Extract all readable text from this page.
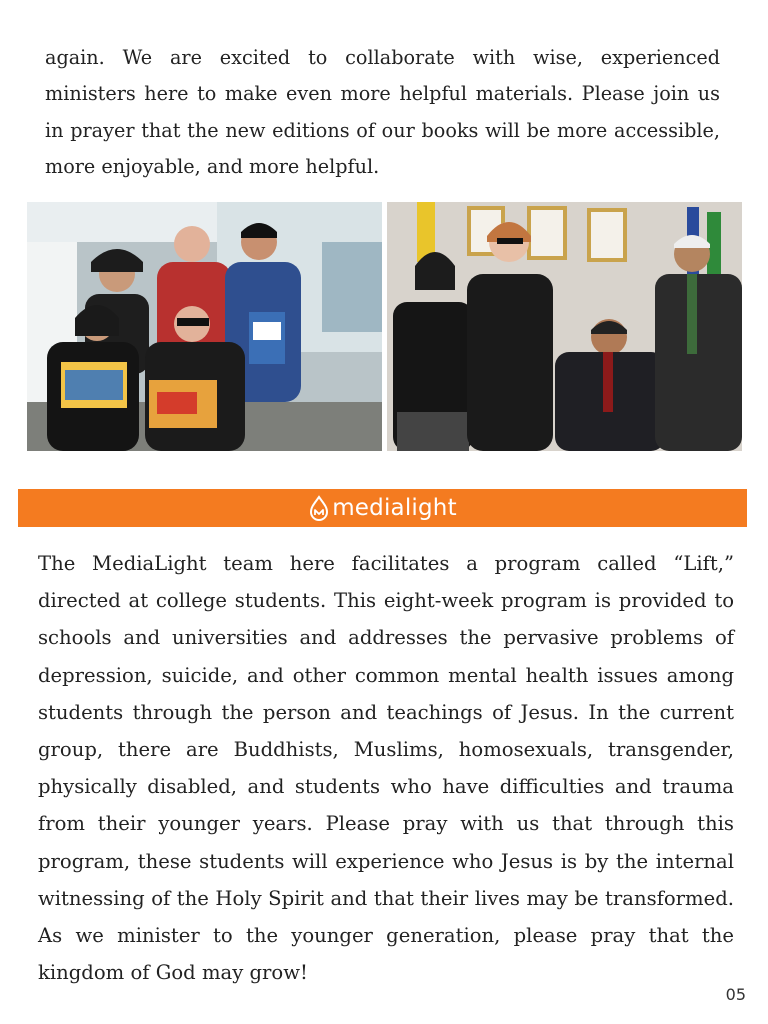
again. We are excited to collaborate with wise, experienced ministers here to make even more helpful materials. Please join us in prayer that the new editions of our books will be more accessible, more enjoyable, and more helpful.

medialight

The MediaLight team here facilitates a program called “Lift,” directed at college students. This eight-week program is provided to schools and universities and addresses the pervasive problems of depression, suicide, and other common mental health issues among students through the person and teachings of Jesus. In the current group, there are Buddhists, Muslims, homosexuals, transgender, physically disabled, and students who have difficulties and trauma from their younger years. Please pray with us that through this program, these students will experience who Jesus is by the internal witnessing of the Holy Spirit and that their lives may be transformed. As we minister to the younger generation, please pray that the kingdom of God may grow!

05
